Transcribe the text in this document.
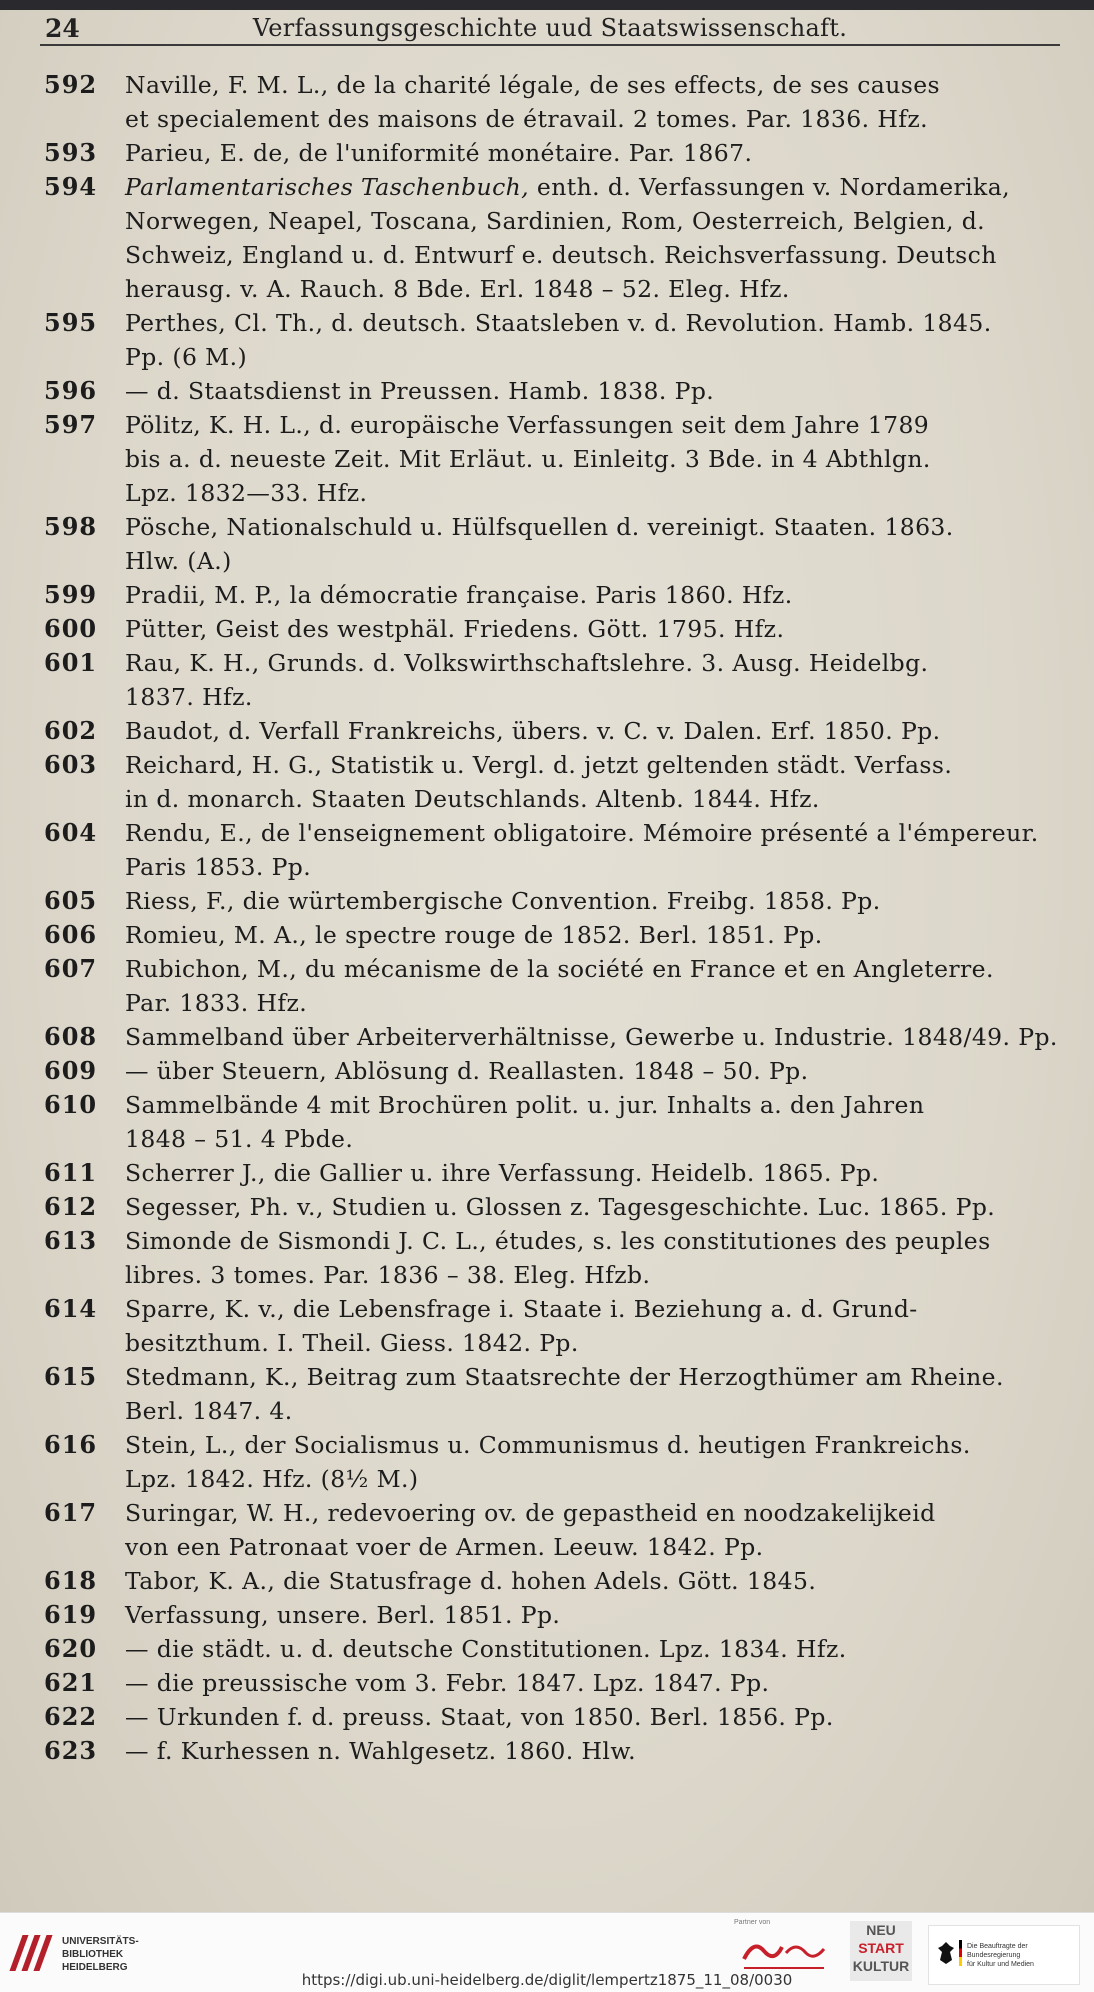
24	Verfassungsgeschichte uud Staatswissenschaft.
592	Naville, F. M. L., de la charité légale, de ses effects, de ses causes
et specialement des maisons de étravail. 2 tomes. Par. 1836. Hfz.
593	Parieu, E. de, de l'uniformité monétaire. Par. 1867.
594	Parlamentarisches Taschenbuch, enth. d. Verfassungen v. Nordamerika,
Norwegen, Neapel, Toscana, Sardinien, Rom, Oesterreich, Belgien, d.
Schweiz, England u. d. Entwurf e. deutsch. Reichsverfassung. Deutsch
herausg. v. A. Rauch. 8 Bde. Erl. 1848 – 52. Eleg. Hfz.
595	Perthes, Cl. Th., d. deutsch. Staatsleben v. d. Revolution. Hamb. 1845.
Pp. (6 M.)
596	— d. Staatsdienst in Preussen. Hamb. 1838. Pp.
597	Pölitz, K. H. L., d. europäische Verfassungen seit dem Jahre 1789
bis a. d. neueste Zeit. Mit Erläut. u. Einleitg. 3 Bde. in 4 Abthlgn.
Lpz. 1832—33. Hfz.
598	Pösche, Nationalschuld u. Hülfsquellen d. vereinigt. Staaten. 1863.
Hlw. (A.)
599	Pradii, M. P., la démocratie française. Paris 1860. Hfz.
600	Pütter, Geist des westphäl. Friedens. Gött. 1795. Hfz.
601	Rau, K. H., Grunds. d. Volkswirthschaftslehre. 3. Ausg. Heidelbg.
1837. Hfz.
602	Baudot, d. Verfall Frankreichs, übers. v. C. v. Dalen. Erf. 1850. Pp.
603	Reichard, H. G., Statistik u. Vergl. d. jetzt geltenden städt. Verfass.
in d. monarch. Staaten Deutschlands. Altenb. 1844. Hfz.
604	Rendu, E., de l'enseignement obligatoire. Mémoire présenté a l'émpereur.
Paris 1853. Pp.
605	Riess, F., die würtembergische Convention. Freibg. 1858. Pp.
606	Romieu, M. A., le spectre rouge de 1852. Berl. 1851. Pp.
607	Rubichon, M., du mécanisme de la société en France et en Angleterre.
Par. 1833. Hfz.
608	Sammelband über Arbeiterverhältnisse, Gewerbe u. Industrie. 1848/49. Pp.
609	— über Steuern, Ablösung d. Reallasten. 1848 – 50. Pp.
610	Sammelbände 4 mit Brochüren polit. u. jur. Inhalts a. den Jahren
1848 – 51. 4 Pbde.
611	Scherrer J., die Gallier u. ihre Verfassung. Heidelb. 1865. Pp.
612	Segesser, Ph. v., Studien u. Glossen z. Tagesgeschichte. Luc. 1865. Pp.
613	Simonde de Sismondi J. C. L., études, s. les constitutiones des peuples
libres. 3 tomes. Par. 1836 – 38. Eleg. Hfzb.
614	Sparre, K. v., die Lebensfrage i. Staate i. Beziehung a. d. Grund-
besitzthum. I. Theil. Giess. 1842. Pp.
615	Stedmann, K., Beitrag zum Staatsrechte der Herzogthümer am Rheine.
Berl. 1847. 4.
616	Stein, L., der Socialismus u. Communismus d. heutigen Frankreichs.
Lpz. 1842. Hfz. (8½ M.)
617	Suringar, W. H., redevoering ov. de gepastheid en noodzakelijkeid
von een Patronaat voer de Armen. Leeuw. 1842. Pp.
618	Tabor, K. A., die Statusfrage d. hohen Adels. Gött. 1845.
619	Verfassung, unsere. Berl. 1851. Pp.
620	— die städt. u. d. deutsche Constitutionen. Lpz. 1834. Hfz.
621	— die preussische vom 3. Febr. 1847. Lpz. 1847. Pp.
622	— Urkunden f. d. preuss. Staat, von 1850. Berl. 1856. Pp.
623	— f. Kurhessen n. Wahlgesetz. 1860. Hlw.
UNIVERSITÄTS-
BIBLIOTHEK
HEIDELBERG
Partner von	NEU
START
KULTUR
Die Beauftragte der Bundesregierung
für Kultur und Medien
https://digi.ub.uni-heidelberg.de/diglit/lempertz1875_11_08/0030
